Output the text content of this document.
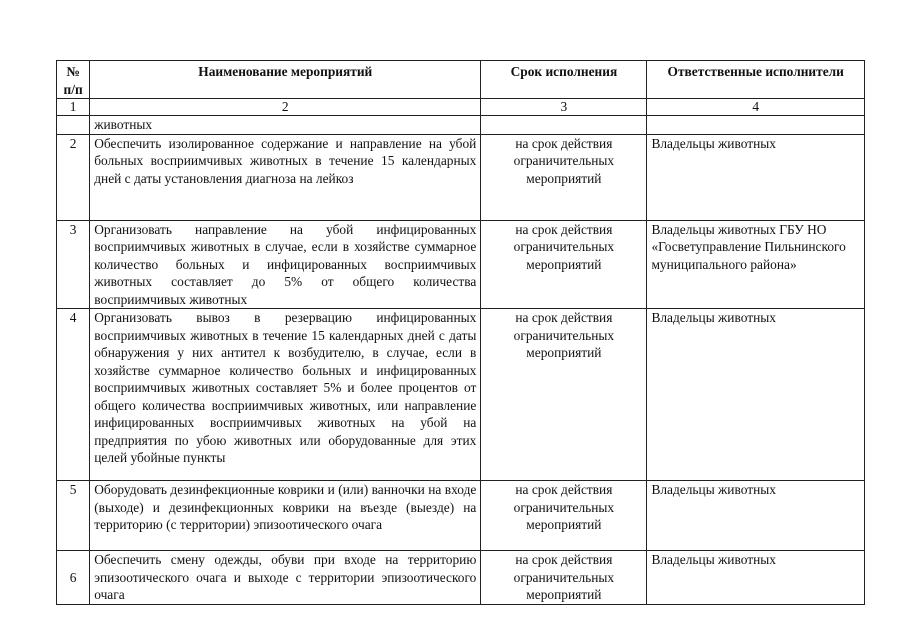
№ п/п	Наименование мероприятий	Срок исполнения	Ответственные исполнители
1	2	3	4
	животных		
2	Обеспечить изолированное содержание и направление на убой больных восприимчивых животных в течение 15 календарных дней с даты установления диагноза на лейкоз	на срок действия ограничительных мероприятий	Владельцы животных
3	Организовать направление на убой инфицированных восприимчивых животных в случае, если в хозяйстве суммарное количество больных и инфицированных восприимчивых животных составляет до 5% от общего количества восприимчивых животных	на срок действия ограничительных мероприятий	Владельцы животных ГБУ НО «Госветуправление Пильнинского муниципального района»
4	Организовать вывоз в резервацию инфицированных восприимчивых животных в течение 15 календарных дней с даты обнаружения у них антител к возбудителю, в случае, если в хозяйстве суммарное количество больных и инфицированных восприимчивых животных составляет 5% и более процентов от общего количества восприимчивых животных, или направление инфицированных восприимчивых животных на убой на предприятия по убою животных или оборудованные для этих целей убойные пункты	на срок действия ограничительных мероприятий	Владельцы животных
5	Оборудовать дезинфекционные коврики и (или) ванночки на входе (выходе) и дезинфекционных коврики на въезде (выезде) на территорию (с территории) эпизоотического очага	на срок действия ограничительных мероприятий	Владельцы животных
6	Обеспечить смену одежды, обуви при входе на территорию эпизоотического очага и выходе с территории эпизоотического очага	на срок действия ограничительных мероприятий	Владельцы животных
